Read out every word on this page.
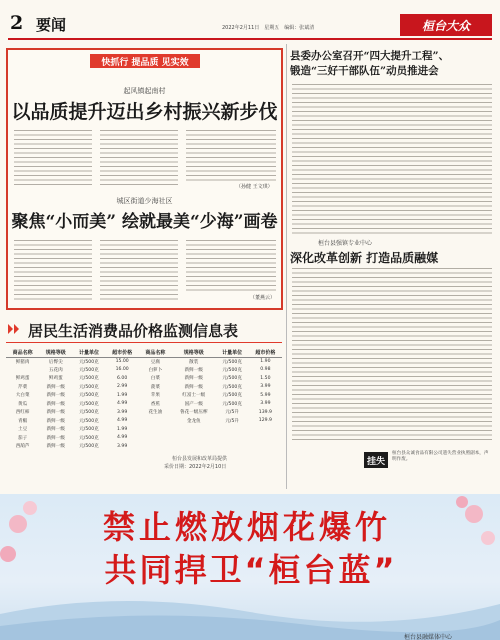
2 要闻	2022年2月11日　星期五　编辑：张斌清	桓台大众
快抓行 提品质 见实效
起风镇起南村
以品质提升迈出乡村振兴新步伐
（孙健 王文琪）
城区街道少海社区
聚焦“小而美” 绘就最美“少海”画卷
（董燕云）
县委办公室召开“四大提升工程”、
锻造“三好干部队伍”动员推进会
桓台县强镇专业中心
深化改革创新 打造品质融媒
挂失
桓台县众诚食品有限公司遗失营业执照副本，声明作废。
居民生活消费品价格监测信息表
商品名称	规格等级	计量单位	超市价格	商品名称	规格等级	计量单位	超市价格
鲜猪肉	后臀尖	元/500克	15.00	豆腐	散装	元/500克	1.90
	五花肉	元/500克	16.00	白萝卜	新鲜一级	元/500克	0.98
鲜鸡蛋	鲜鸡蛋	元/500克	6.00	白菜	新鲜一级	元/500克	1.50
芹菜	新鲜一级	元/500克	2.99	菠菜	新鲜一级	元/500克	3.99
大白菜	新鲜一级	元/500克	1.99	苹果	红富士一级	元/500克	5.99
黄瓜	新鲜一级	元/500克	4.99	香蕉	国产一级	元/500克	3.99
西红柿	新鲜一级	元/500克	3.99	花生油	鲁花一级压榨	元/5升	139.9
青椒	新鲜一级	元/500克	4.99		金龙鱼	元/5升	129.9
土豆	新鲜一级	元/500克	1.99				
茄子	新鲜一级	元/500克	4.99				
西葫芦	新鲜一级	元/500克	3.99				
桓台县发展和改革局提供
采价日期：2022年2月10日
禁止燃放烟花爆竹
共同捍卫“桓台蓝”
桓台县融媒体中心
